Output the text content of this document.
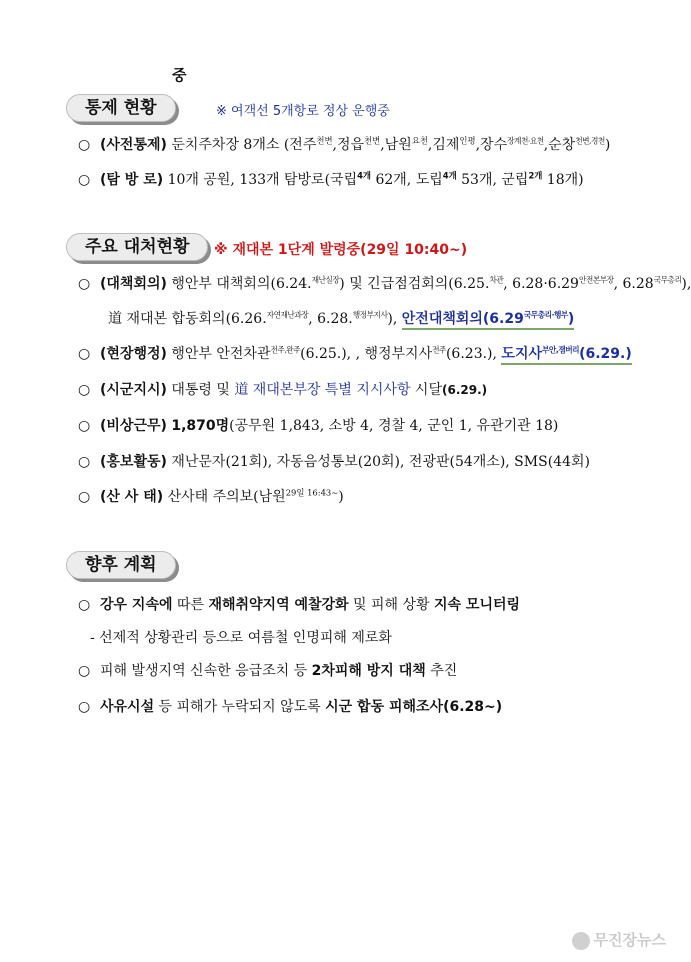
중
통제 현황	※ 여객선 5개항로 정상 운행중
○ (사전통제) 둔치주차장 8개소 (전주$^{천변}$,정읍$^{천변}$,남원$^{요천}$,김제$^{인평}$,장수$^{장계천\cdot 요천}$,순창$^{천변,경천}$)
○ (탐 방 로) 10개 공원, 133개 탐방로(국립$^{4개}$ 62개, 도립$^{4개}$ 53개, 군립$^{2개}$ 18개)
주요 대처현황	※ 재대본 1단계 발령중(29일 10:40~)
○ (대책회의) 행안부 대책회의(6.24.$^{재난실장}$) 및 긴급점검회의(6.25.$^{차관}$, $6.28\cdot 6.29^{안전본부장}$, $6.28^{국무총리}$),
道 재대본 합동회의(6.26.$^{자연재난과장}$, 6.28.$^{행정부지사}$), 안전대책회의$(6.29^{국무총리\cdot 행부})$
○ (현장행정) 행안부 안전차관$^{전주,완주}$(6.25.), , 행정부지사$^{전주}$(6.23.), 도지사$^{부안,잼버리}$(6.29.)
○ (시군지시) 대통령 및 道 재대본부장 특별 지시사항 시달(6.29.)
○ (비상근무) 1,870명(공무원 1,843, 소방 4, 경찰 4, 군인 1, 유관기관 18)
○ (홍보활동) 재난문자(21회), 자동음성통보(20회), 전광판(54개소), SMS(44회)
○ (산 사 태) 산사태 주의보(남원$^{29일 16:43\sim}$)
향후 계획
○ 강우 지속에 따른 재해취약지역 예찰강화 및 피해 상황 지속 모니터링
- 선제적 상황관리 등으로 여름철 인명피해 제로화
○ 피해 발생지역 신속한 응급조치 등 2차피해 방지 대책 추진
○ 사유시설 등 피해가 누락되지 않도록 시군 합동 피해조사(6.28~)
무진장뉴스
